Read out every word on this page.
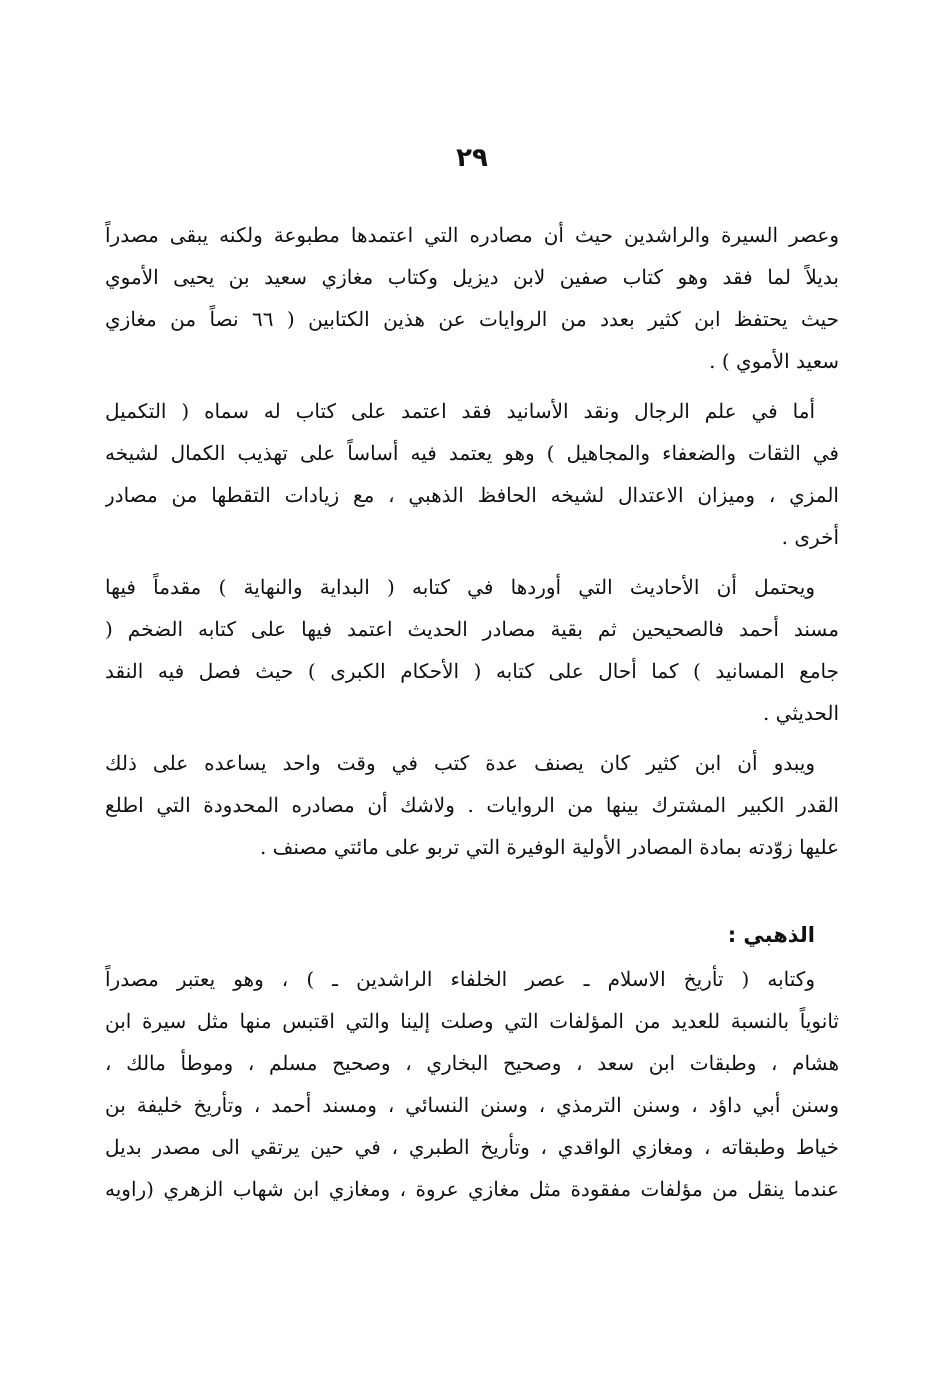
٢٩
وعصر السيرة والراشدين حيث أن مصادره التي اعتمدها مطبوعة ولكنه يبقى مصدراً
بديلاً لما فقد وهو كتاب صفين لابن ديزيل وكتاب مغازي سعيد بن يحيى الأموي
حيث يحتفظ ابن كثير بعدد من الروايات عن هذين الكتابين ( ٦٦ نصاً من مغازي
سعيد الأموي ) .
أما في علم الرجال ونقد الأسانيد فقد اعتمد على كتاب له سماه ( التكميل
في الثقات والضعفاء والمجاهيل ) وهو يعتمد فيه أساساً على تهذيب الكمال لشيخه
المزي ، وميزان الاعتدال لشيخه الحافظ الذهبي ، مع زيادات التقطها من مصادر
أخرى .
ويحتمل أن الأحاديث التي أوردها في كتابه ( البداية والنهاية ) مقدماً فيها
مسند أحمد فالصحيحين ثم بقية مصادر الحديث اعتمد فيها على كتابه الضخم (
جامع المسانيد ) كما أحال على كتابه ( الأحكام الكبرى ) حيث فصل فيه النقد
الحديثي .
ويبدو أن ابن كثير كان يصنف عدة كتب في وقت واحد يساعده على ذلك
القدر الكبير المشترك بينها من الروايات . ولاشك أن مصادره المحدودة التي اطلع
عليها زوّدته بمادة المصادر الأولية الوفيرة التي تربو على مائتي مصنف .
الذهبي :
وكتابه ( تأريخ الاسلام ـ عصر الخلفاء الراشدين ـ ) ، وهو يعتبر مصدراً
ثانوياً بالنسبة للعديد من المؤلفات التي وصلت إلينا والتي اقتبس منها مثل سيرة ابن
هشام ، وطبقات ابن سعد ، وصحيح البخاري ، وصحيح مسلم ، وموطأ مالك ،
وسنن أبي داؤد ، وسنن الترمذي ، وسنن النسائي ، ومسند أحمد ، وتأريخ خليفة بن
خياط وطبقاته ، ومغازي الواقدي ، وتأريخ الطبري ، في حين يرتقي الى مصدر بديل
عندما ينقل من مؤلفات مفقودة مثل مغازي عروة ، ومغازي ابن شهاب الزهري (راويه
